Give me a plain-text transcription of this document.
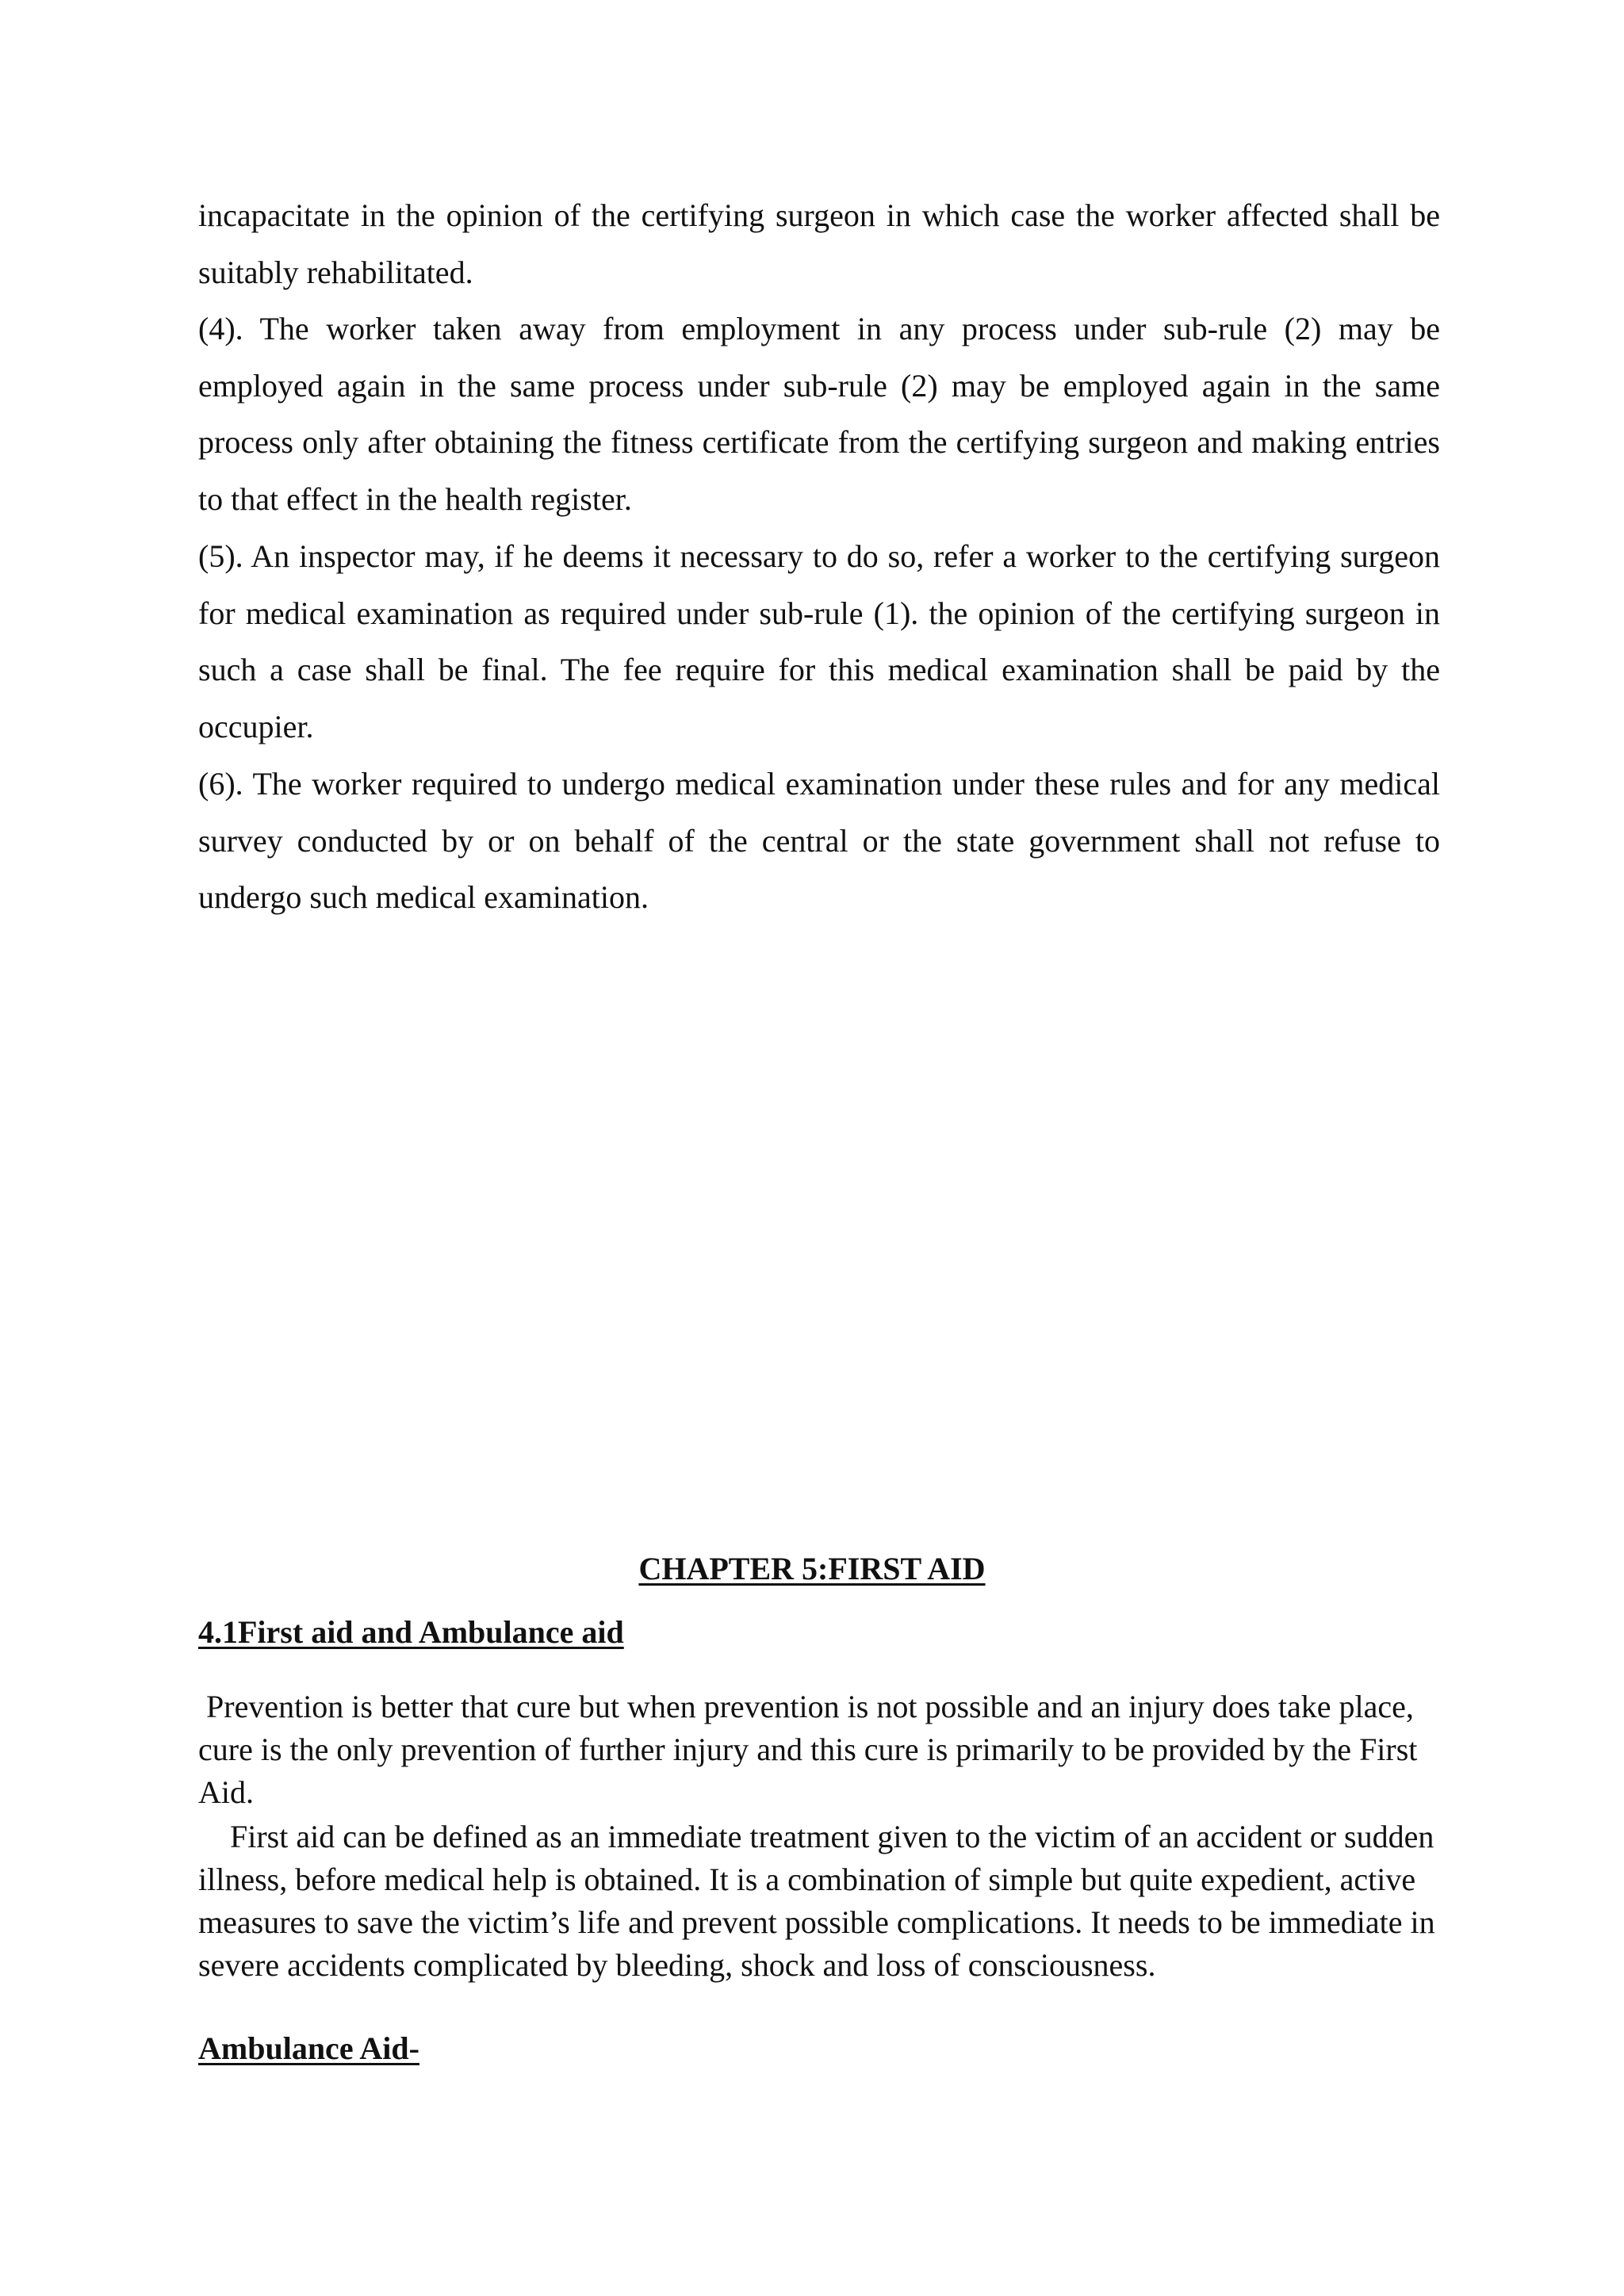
incapacitate in the opinion of the certifying surgeon in which case the worker affected shall be suitably rehabilitated.

(4). The worker taken away from employment in any process under sub-rule (2) may be employed again in the same process under sub-rule (2) may be employed again in the same process only after obtaining the fitness certificate from the certifying surgeon and making entries to that effect in the health register.

(5). An inspector may, if he deems it necessary to do so, refer a worker to the certifying surgeon for medical examination as required under sub-rule (1). the opinion of the certifying surgeon in such a case shall be final. The fee require for this medical examination shall be paid by the occupier.

(6). The worker required to undergo medical examination under these rules and for any medical survey conducted by or on behalf of the central or the state government shall not refuse to undergo such medical examination.

CHAPTER 5:FIRST AID
4.1First aid and Ambulance aid

Prevention is better that cure but when prevention is not possible and an injury does take place, cure is the only prevention of further injury and this cure is primarily to be provided by the First Aid.

First aid can be defined as an immediate treatment given to the victim of an accident or sudden illness, before medical help is obtained. It is a combination of simple but quite expedient, active measures to save the victim’s life and prevent possible complications. It needs to be immediate in severe accidents complicated by bleeding, shock and loss of consciousness.

Ambulance Aid-
